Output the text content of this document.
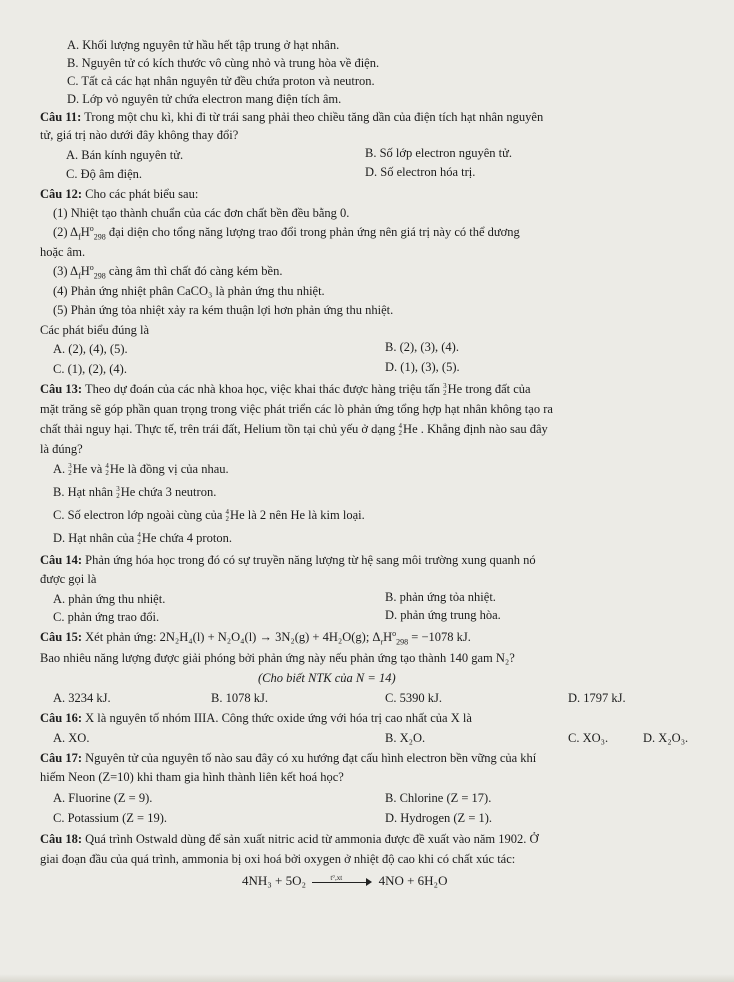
A. Khối lượng nguyên tử hầu hết tập trung ở hạt nhân.
B. Nguyên tử có kích thước vô cùng nhỏ và trung hòa về điện.
C. Tất cả các hạt nhân nguyên tử đều chứa proton và neutron.
D. Lớp vỏ nguyên tử chứa electron mang điện tích âm.
Câu 11: Trong một chu kì, khi đi từ trái sang phải theo chiều tăng dần của điện tích hạt nhân nguyên
tử, giá trị nào dưới đây không thay đổi?
A. Bán kính nguyên tử.	B. Số lớp electron nguyên tử.
C. Độ âm điện.	D. Số electron hóa trị.
Câu 12: Cho các phát biểu sau:
(1) Nhiệt tạo thành chuẩn của các đơn chất bền đều bằng 0.
(2) $\Delta_fH^o_{298}$ đại diện cho tổng năng lượng trao đổi trong phản ứng nên giá trị này có thể dương
hoặc âm.
(3) $\Delta_fH^o_{298}$ càng âm thì chất đó càng kém bền.
(4) Phản ứng nhiệt phân CaCO₃ là phản ứng thu nhiệt.
(5) Phản ứng tỏa nhiệt xảy ra kém thuận lợi hơn phản ứng thu nhiệt.
Các phát biểu đúng là
A. (2), (4), (5).	B. (2), (3), (4).
C. (1), (2), (4).	D. (1), (3), (5).
Câu 13: Theo dự đoán của các nhà khoa học, việc khai thác được hàng triệu tấn 3
2 He trong đất của
mặt trăng sẽ góp phần quan trọng trong việc phát triển các lò phản ứng tổng hợp hạt nhân không tạo ra
chất thải nguy hại. Thực tế, trên trái đất, Helium tồn tại chủ yếu ở dạng 4
2 He . Khẳng định nào sau đây
là đúng?
A. 3
2 He và 4
2 He là đồng vị của nhau.
B. Hạt nhân 3
2 He chứa 3 neutron.
C. Số electron lớp ngoài cùng của 4
2 He là 2 nên He là kim loại.
D. Hạt nhân của 4
2 He chứa 4 proton.
Câu 14: Phản ứng hóa học trong đó có sự truyền năng lượng từ hệ sang môi trường xung quanh nó
được gọi là
A. phản ứng thu nhiệt.	B. phản ứng tỏa nhiệt.
C. phản ứng trao đổi.	D. phản ứng trung hòa.
Câu 15: Xét phản ứng: 2N₂H₄(l) + N₂O₄(l) → 3N₂(g) + 4H₂O(g); $\Delta_rH^o_{298} = -1078$ kJ.
Bao nhiêu năng lượng được giải phóng bởi phản ứng này nếu phản ứng tạo thành 140 gam N₂?
(Cho biết NTK của N = 14)
A. 3234 kJ.	B. 1078 kJ.	C. 5390 kJ.	D. 1797 kJ.
Câu 16: X là nguyên tố nhóm IIIA. Công thức oxide ứng với hóa trị cao nhất của X là
A. XO.	B. X₂O.	C. XO₃.	D. X₂O₃.
Câu 17: Nguyên tử của nguyên tố nào sau đây có xu hướng đạt cấu hình electron bền vững của khí
hiếm Neon (Z=10) khi tham gia hình thành liên kết hoá học?
A. Fluorine (Z = 9).	B. Chlorine (Z = 17).
C. Potassium (Z = 19).	D. Hydrogen (Z = 1).
Câu 18: Quá trình Ostwald dùng để sản xuất nitric acid từ ammonia được đề xuất vào năm 1902. Ở
giai đoạn đầu của quá trình, ammonia bị oxi hoá bởi oxygen ở nhiệt độ cao khi có chất xúc tác:
4NH₃ + 5O₂	t°,xt	4NO + 6H₂O
